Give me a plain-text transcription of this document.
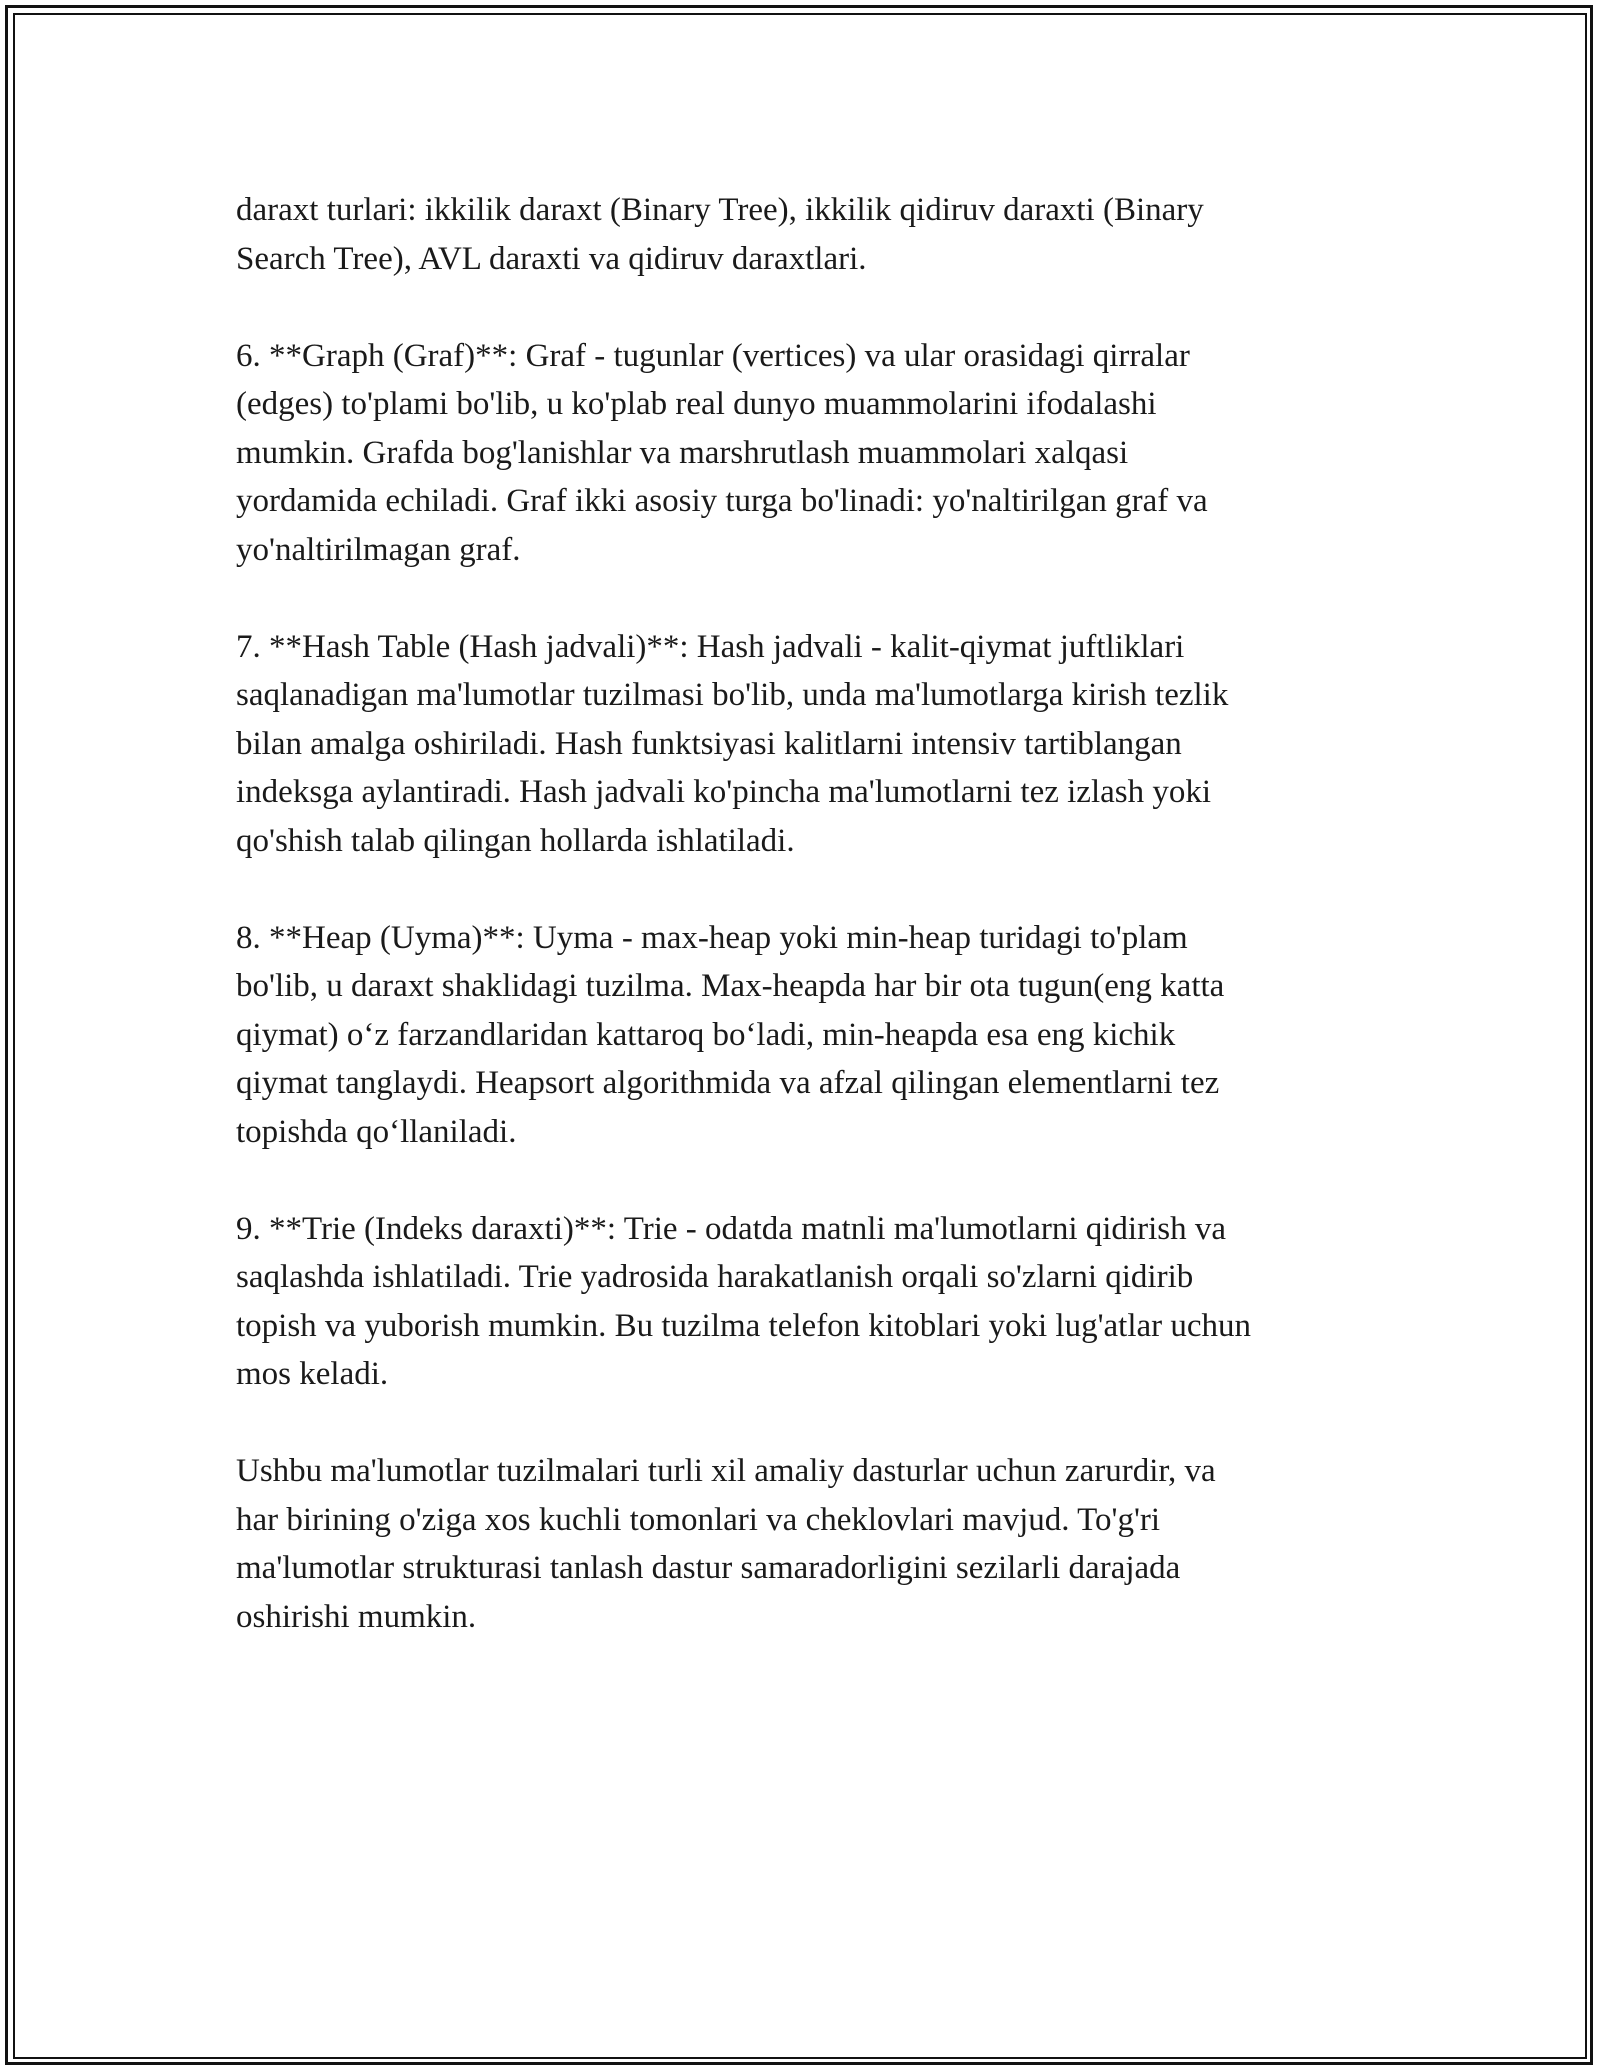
daraxt turlari: ikkilik daraxt (Binary Tree), ikkilik qidiruv daraxti (Binary
Search Tree), AVL daraxti va qidiruv daraxtlari.

6. **Graph (Graf)**: Graf - tugunlar (vertices) va ular orasidagi qirralar
(edges) to'plami bo'lib, u ko'plab real dunyo muammolarini ifodalashi
mumkin. Grafda bog'lanishlar va marshrutlash muammolari xalqasi
yordamida echiladi. Graf ikki asosiy turga bo'linadi: yo'naltirilgan graf va
yo'naltirilmagan graf.

7. **Hash Table (Hash jadvali)**: Hash jadvali - kalit-qiymat juftliklari
saqlanadigan ma'lumotlar tuzilmasi bo'lib, unda ma'lumotlarga kirish tezlik
bilan amalga oshiriladi. Hash funktsiyasi kalitlarni intensiv tartiblangan
indeksga aylantiradi. Hash jadvali ko'pincha ma'lumotlarni tez izlash yoki
qo'shish talab qilingan hollarda ishlatiladi.

8. **Heap (Uyma)**: Uyma - max-heap yoki min-heap turidagi to'plam
bo'lib, u daraxt shaklidagi tuzilma. Max-heapda har bir ota tugun(eng katta
qiymat) o‘z farzandlaridan kattaroq bo‘ladi, min-heapda esa eng kichik
qiymat tanglaydi. Heapsort algorithmida va afzal qilingan elementlarni tez
topishda qo‘llaniladi.

9. **Trie (Indeks daraxti)**: Trie - odatda matnli ma'lumotlarni qidirish va
saqlashda ishlatiladi. Trie yadrosida harakatlanish orqali so'zlarni qidirib
topish va yuborish mumkin. Bu tuzilma telefon kitoblari yoki lug'atlar uchun
mos keladi.

Ushbu ma'lumotlar tuzilmalari turli xil amaliy dasturlar uchun zarurdir, va
har birining o'ziga xos kuchli tomonlari va cheklovlari mavjud. To'g'ri
ma'lumotlar strukturasi tanlash dastur samaradorligini sezilarli darajada
oshirishi mumkin.
